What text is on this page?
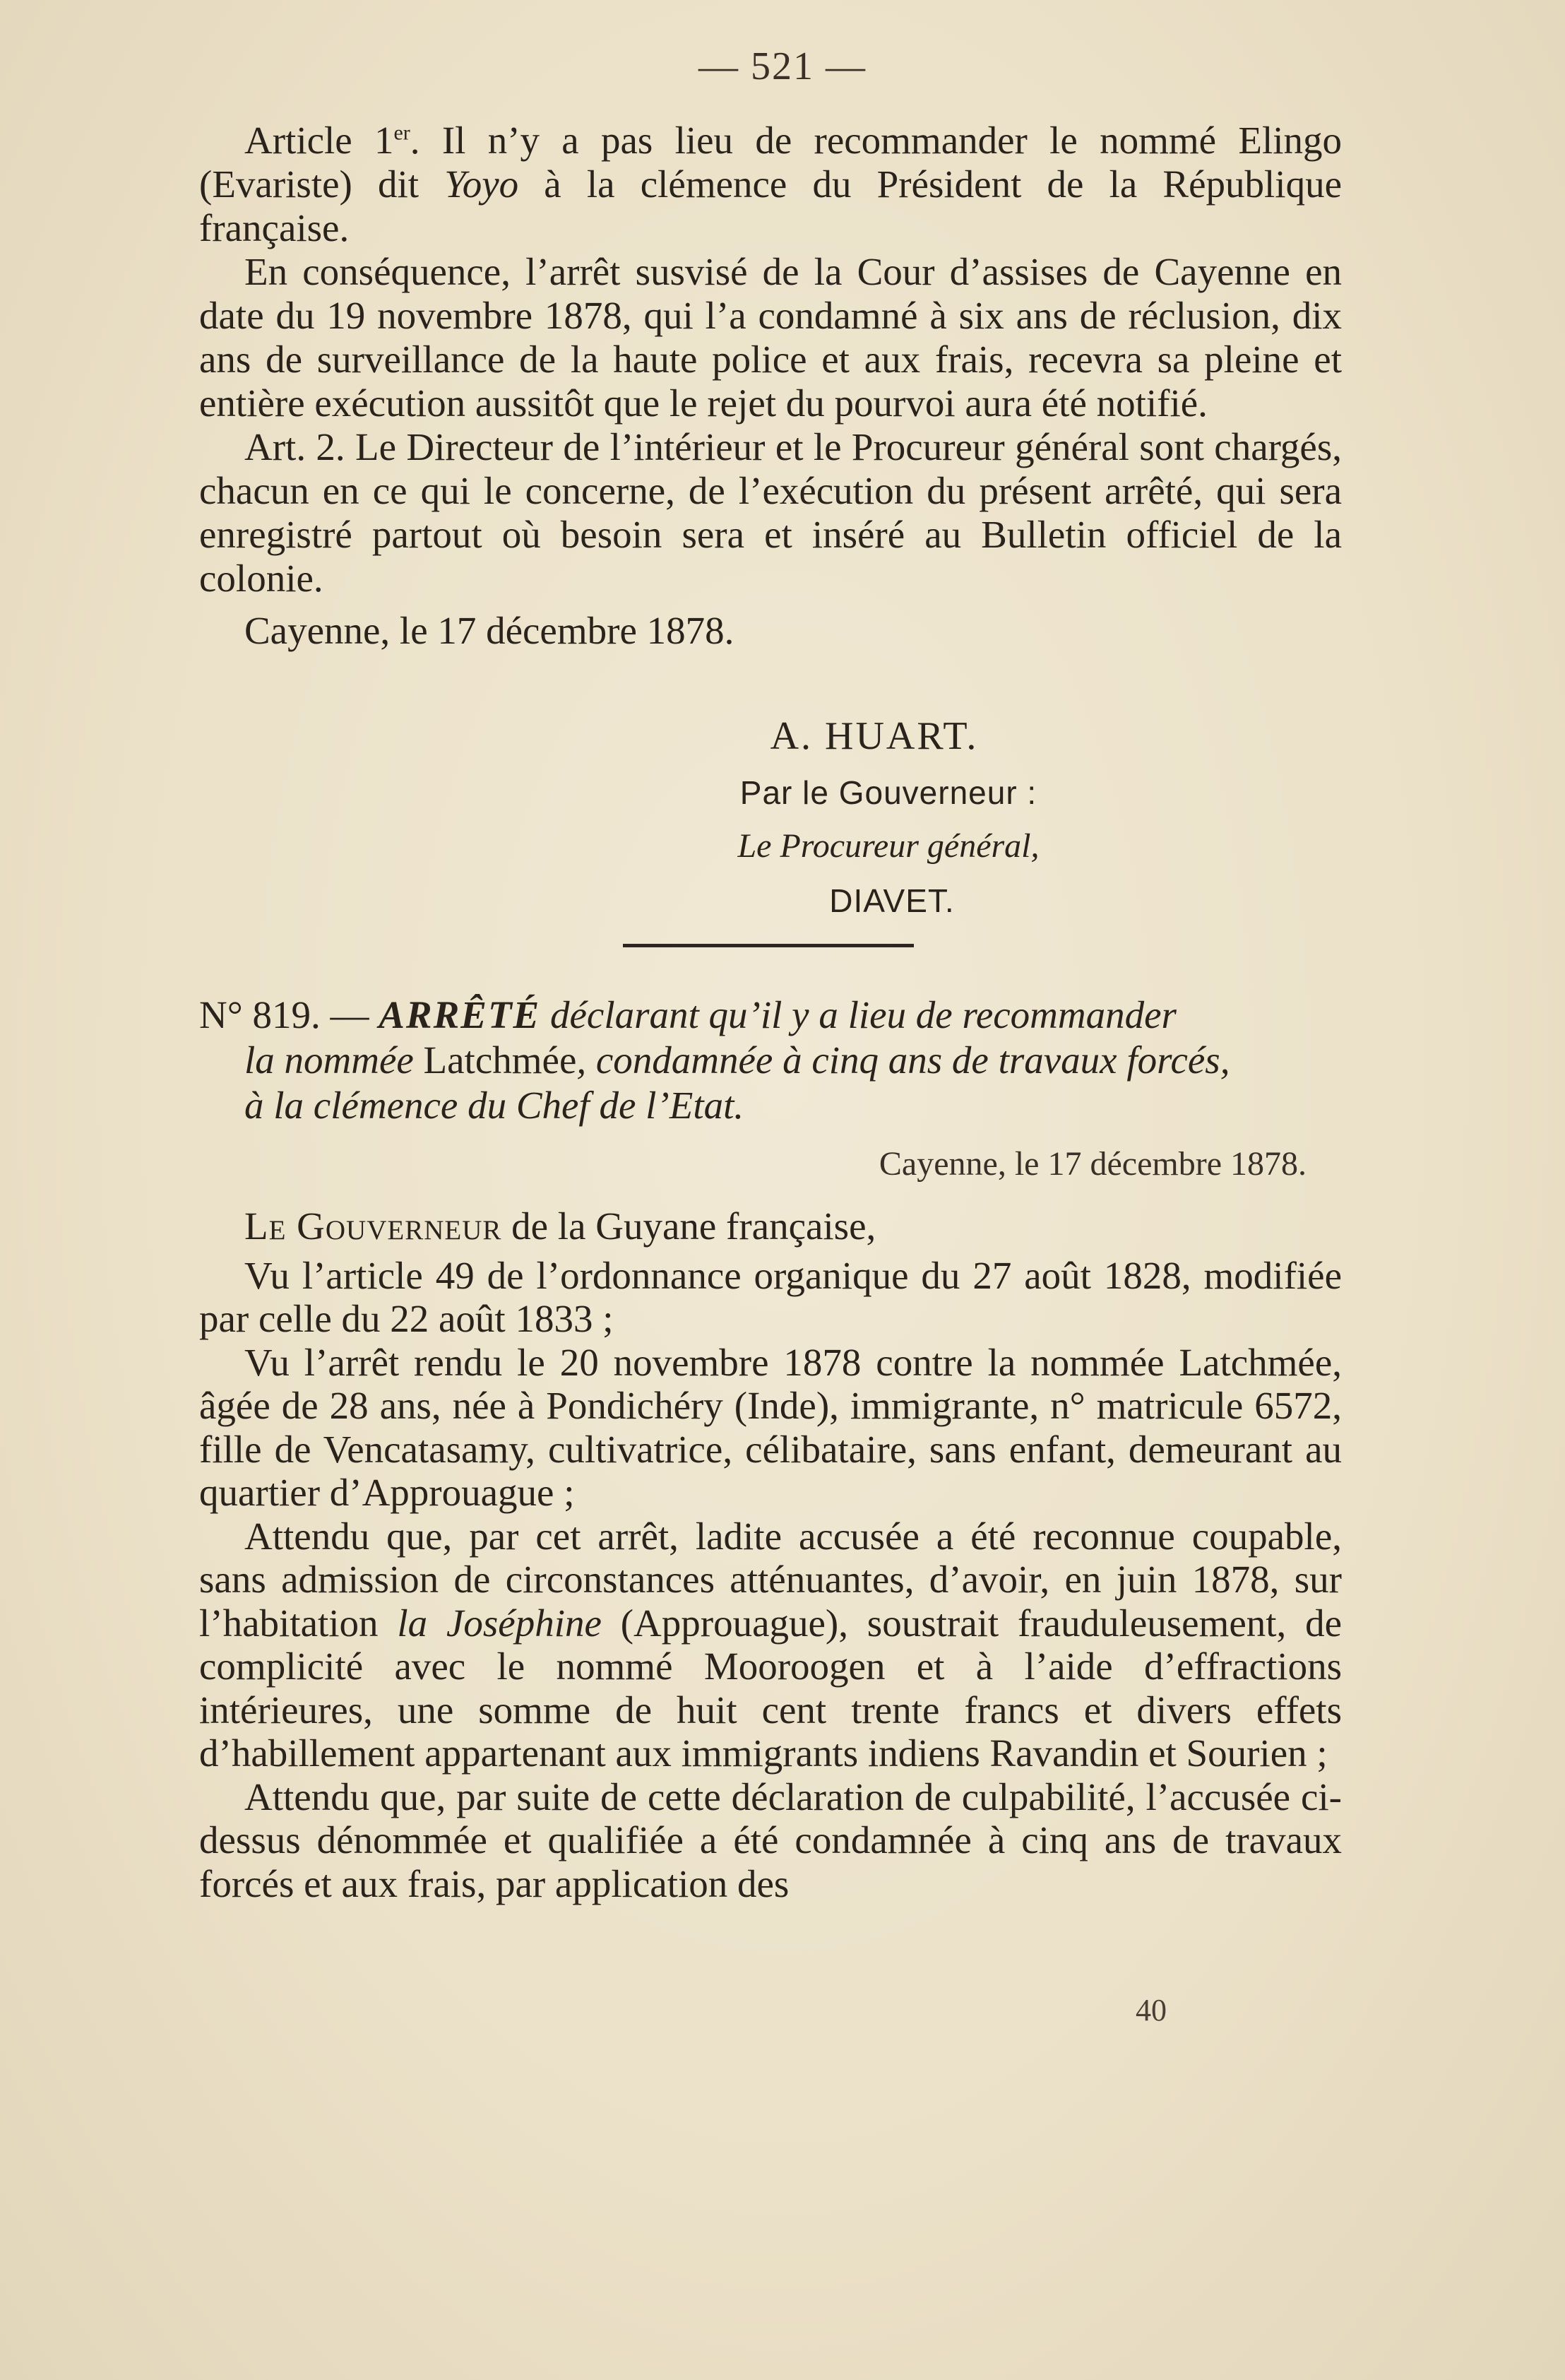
— 521 —

Article 1er. Il n’y a pas lieu de recommander le nommé Elingo (Evariste) dit Yoyo à la clémence du Président de la République française.

En conséquence, l’arrêt susvisé de la Cour d’assises de Cayenne en date du 19 novembre 1878, qui l’a condamné à six ans de réclusion, dix ans de surveillance de la haute police et aux frais, recevra sa pleine et entière exécution aussitôt que le rejet du pourvoi aura été notifié.

Art. 2. Le Directeur de l’intérieur et le Procureur général sont chargés, chacun en ce qui le concerne, de l’exécution du présent arrêté, qui sera enregistré partout où besoin sera et inséré au Bulletin officiel de la colonie.

Cayenne, le 17 décembre 1878.

A. HUART.
Par le Gouverneur :
Le Procureur général,
DIAVET.
N° 819. — ARRÊTÉ déclarant qu’il y a lieu de recommander
la nommée Latchmée, condamnée à cinq ans de travaux forcés,
à la clémence du Chef de l’Etat.
Cayenne, le 17 décembre 1878.

Le Gouverneur de la Guyane française,

Vu l’article 49 de l’ordonnance organique du 27 août 1828, modifiée par celle du 22 août 1833 ;

Vu l’arrêt rendu le 20 novembre 1878 contre la nommée Latchmée, âgée de 28 ans, née à Pondichéry (Inde), immigrante, n° matricule 6572, fille de Vencatasamy, cultivatrice, célibataire, sans enfant, demeurant au quartier d’Approuague ;

Attendu que, par cet arrêt, ladite accusée a été reconnue coupable, sans admission de circonstances atténuantes, d’avoir, en juin 1878, sur l’habitation la Joséphine (Approuague), soustrait frauduleusement, de complicité avec le nommé Mooroogen et à l’aide d’effractions intérieures, une somme de huit cent trente francs et divers effets d’habillement appartenant aux immigrants indiens Ravandin et Sourien ;

Attendu que, par suite de cette déclaration de culpabilité, l’accusée ci-dessus dénommée et qualifiée a été condamnée à cinq ans de travaux forcés et aux frais, par application des

40
